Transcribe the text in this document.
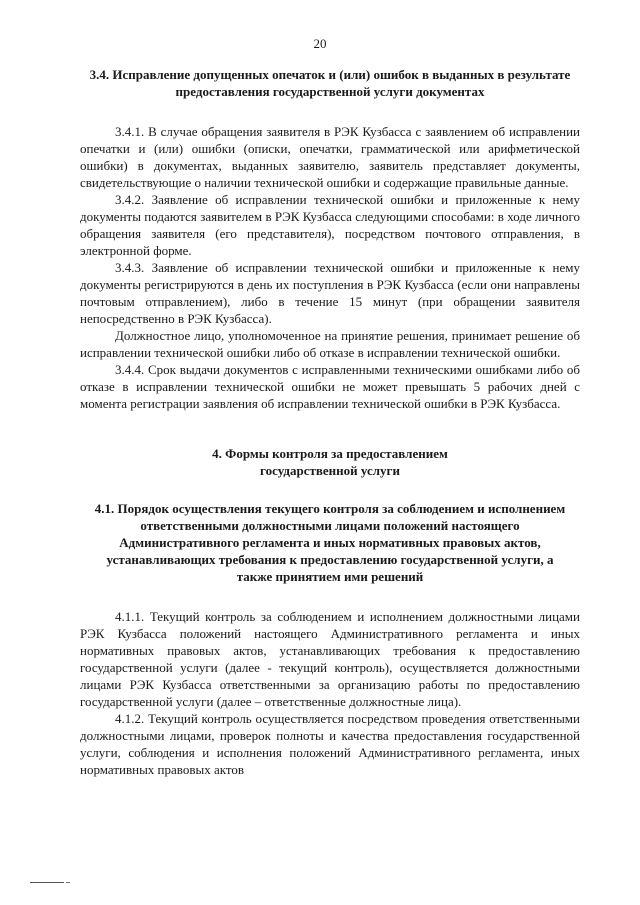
20

3.4. Исправление допущенных опечаток и (или) ошибок в выданных в результате предоставления государственной услуги документах

3.4.1. В случае обращения заявителя в РЭК Кузбасса с заявлением об исправлении опечатки и (или) ошибки (описки, опечатки, грамматической или арифметической ошибки) в документах, выданных заявителю, заявитель представляет документы, свидетельствующие о наличии технической ошибки и содержащие правильные данные.

3.4.2. Заявление об исправлении технической ошибки и приложенные к нему документы подаются заявителем в РЭК Кузбасса следующими способами: в ходе личного обращения заявителя (его представителя), посредством почтового отправления, в электронной форме.

3.4.3. Заявление об исправлении технической ошибки и приложенные к нему документы регистрируются в день их поступления в РЭК Кузбасса (если они направлены почтовым отправлением), либо в течение 15 минут (при обращении заявителя непосредственно в РЭК Кузбасса).

Должностное лицо, уполномоченное на принятие решения, принимает решение об исправлении технической ошибки либо об отказе в исправлении технической ошибки.

3.4.4. Срок выдачи документов с исправленными техническими ошибками либо об отказе в исправлении технической ошибки не может превышать 5 рабочих дней с момента регистрации заявления об исправлении технической ошибки в РЭК Кузбасса.

4. Формы контроля за предоставлением государственной услуги

4.1. Порядок осуществления текущего контроля за соблюдением и исполнением ответственными должностными лицами положений настоящего Административного регламента и иных нормативных правовых актов, устанавливающих требования к предоставлению государственной услуги, а также принятием ими решений

4.1.1. Текущий контроль за соблюдением и исполнением должностными лицами РЭК Кузбасса положений настоящего Административного регламента и иных нормативных правовых актов, устанавливающих требования к предоставлению государственной услуги (далее - текущий контроль), осуществляется должностными лицами РЭК Кузбасса ответственными за организацию работы по предоставлению государственной услуги (далее – ответственные должностные лица).

4.1.2. Текущий контроль осуществляется посредством проведения ответственными должностными лицами, проверок полноты и качества предоставления государственной услуги, соблюдения и исполнения положений Административного регламента, иных нормативных правовых актов
